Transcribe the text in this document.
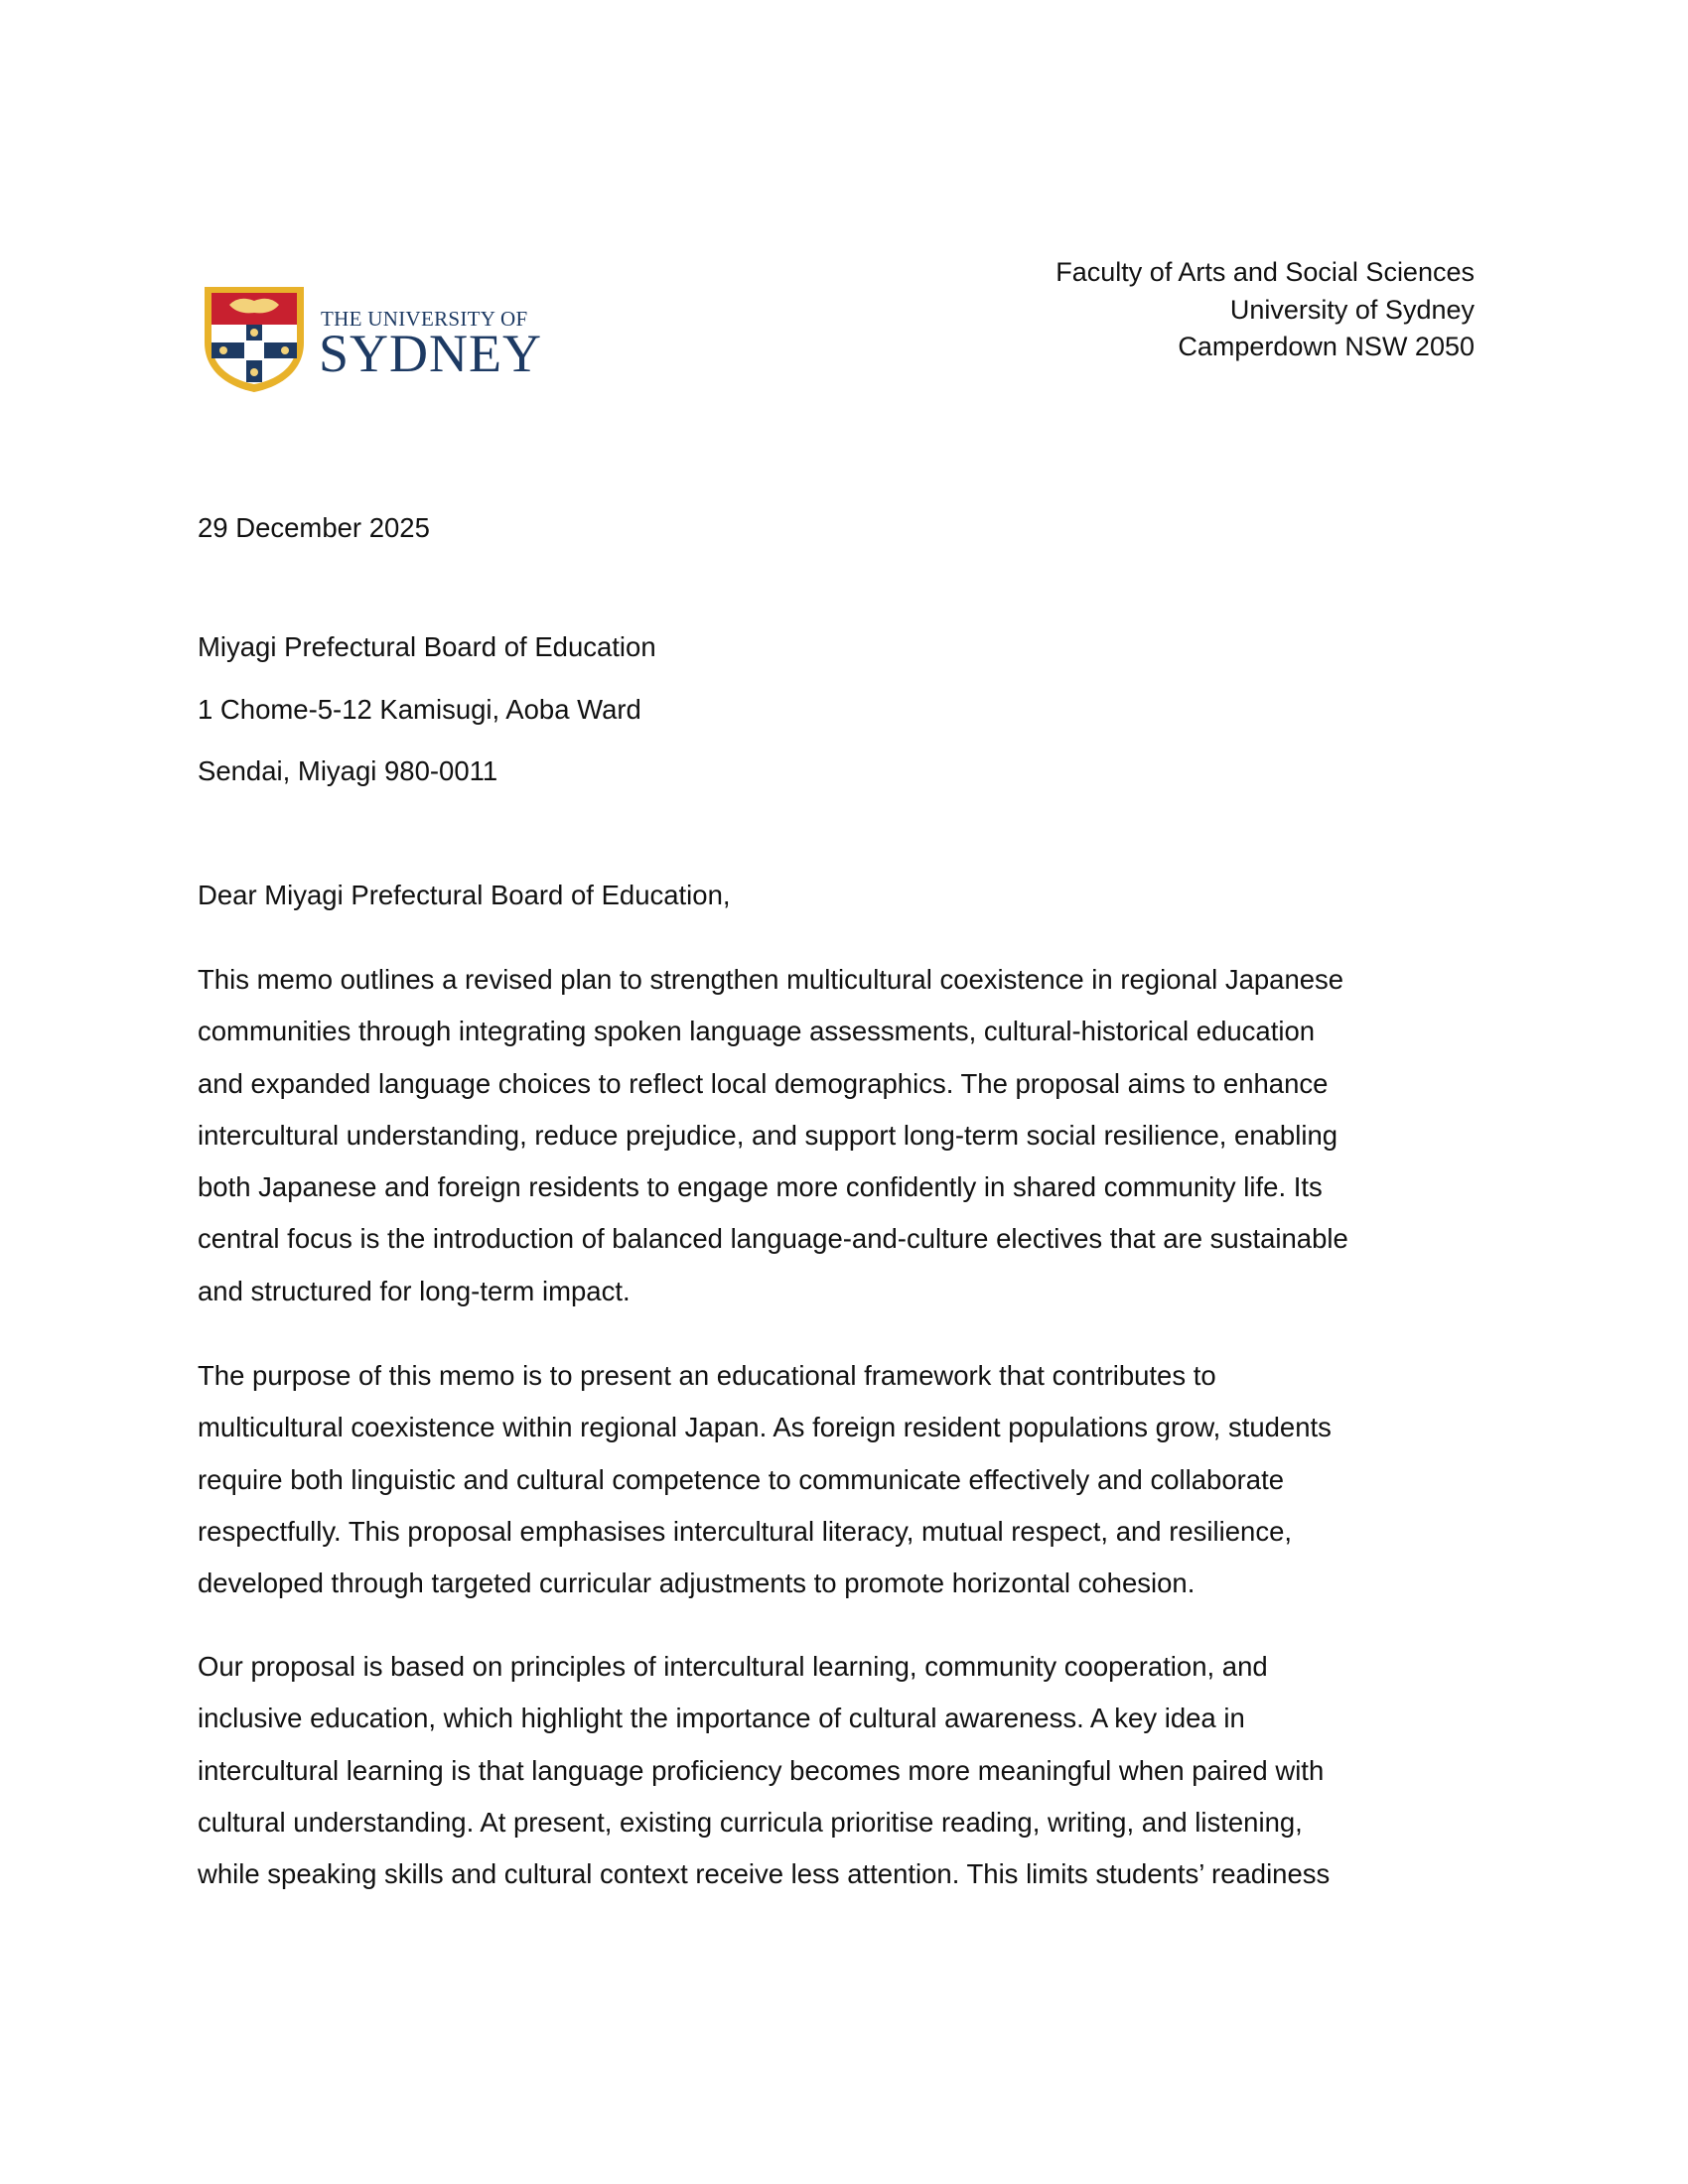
THE UNIVERSITY OF
SYDNEY
Faculty of Arts and Social Sciences
University of Sydney
Camperdown NSW 2050
29 December 2025
Miyagi Prefectural Board of Education
1 Chome-5-12 Kamisugi, Aoba Ward
Sendai, Miyagi 980-0011
Dear Miyagi Prefectural Board of Education,
This memo outlines a revised plan to strengthen multicultural coexistence in regional Japanese
communities through integrating spoken language assessments, cultural-historical education
and expanded language choices to reflect local demographics. The proposal aims to enhance
intercultural understanding, reduce prejudice, and support long-term social resilience, enabling
both Japanese and foreign residents to engage more confidently in shared community life. Its
central focus is the introduction of balanced language-and-culture electives that are sustainable
and structured for long-term impact.
The purpose of this memo is to present an educational framework that contributes to
multicultural coexistence within regional Japan. As foreign resident populations grow, students
require both linguistic and cultural competence to communicate effectively and collaborate
respectfully. This proposal emphasises intercultural literacy, mutual respect, and resilience,
developed through targeted curricular adjustments to promote horizontal cohesion.
Our proposal is based on principles of intercultural learning, community cooperation, and
inclusive education, which highlight the importance of cultural awareness. A key idea in
intercultural learning is that language proficiency becomes more meaningful when paired with
cultural understanding. At present, existing curricula prioritise reading, writing, and listening,
while speaking skills and cultural context receive less attention. This limits students’ readiness
